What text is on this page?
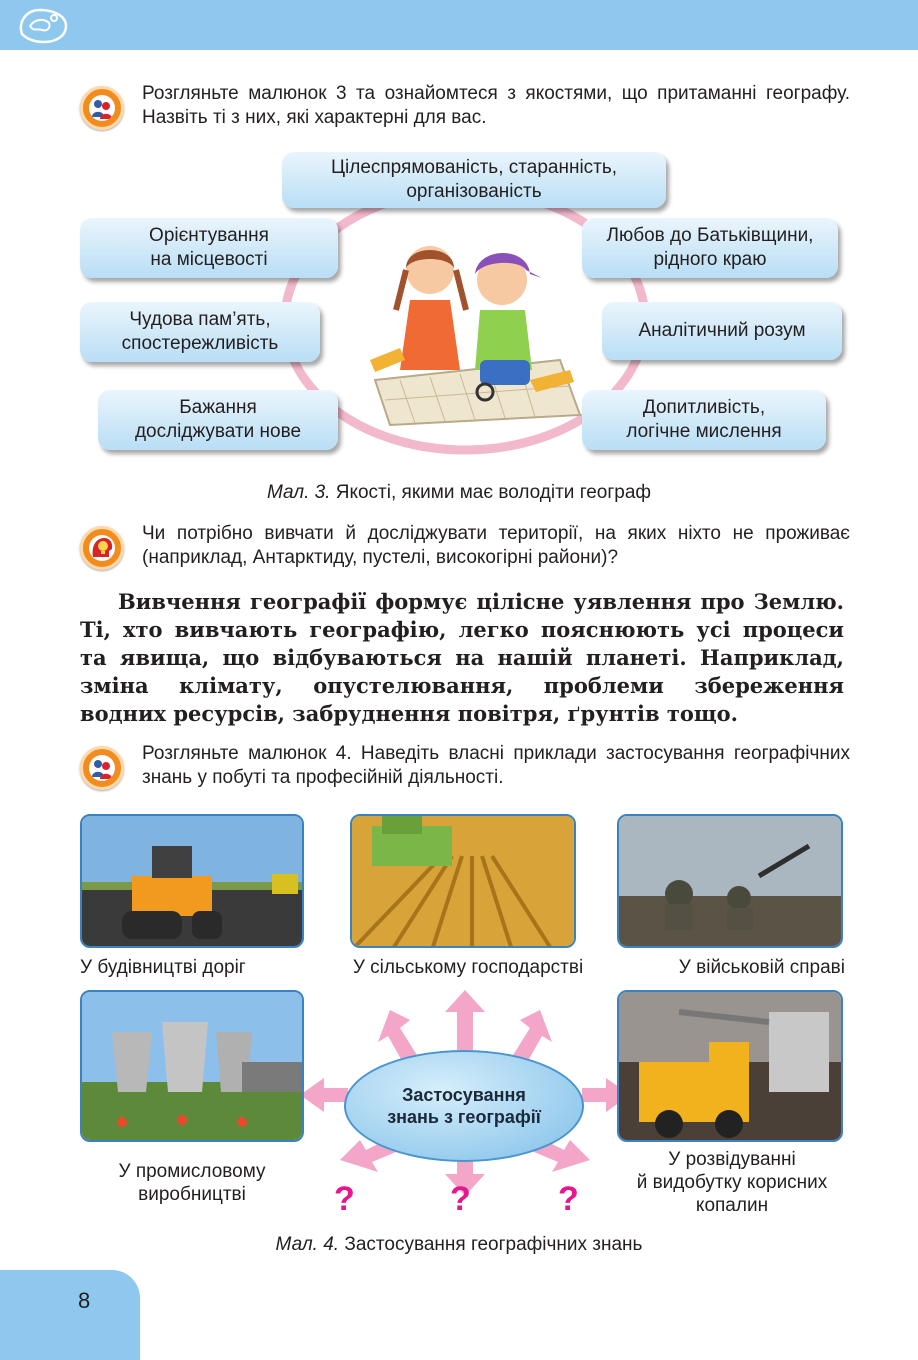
Розгляньте малюнок 3 та ознайомтеся з якостями, що притаманні географу. Назвіть ті з них, які характерні для вас.

Цілеспрямованість, старанність,
організованість
Орієнтування
на місцевості
Чудова пам’ять,
спостережливість
Бажання
досліджувати нове
Любов до Батьківщини,
рідного краю
Аналітичний розум
Допитливість,
логічне мислення
Мал. 3. Якості, якими має володіти географ

Чи потрібно вивчати й досліджувати території, на яких ніхто не проживає (наприклад, Антарктиду, пустелі, високогірні райони)?

Вивчення географії формує цілісне уявлення про Землю. Ті, хто вивчають географію, легко пояснюють усі процеси та явища, що відбуваються на нашій планеті. Наприклад, зміна клімату, опустелювання, проблеми збереження водних ресурсів, забруднення повітря, ґрунтів тощо.

Розгляньте малюнок 4. Наведіть власні приклади застосування географічних знань у побуті та професійній діяльності.

У будівництві доріг	У сільському господарстві	У військовій справі
У промисловому
виробництві
У розвідуванні
й видобутку корисних
копалин
Застосування
знань з географії
?	?	?
Мал. 4. Застосування географічних знань
8
